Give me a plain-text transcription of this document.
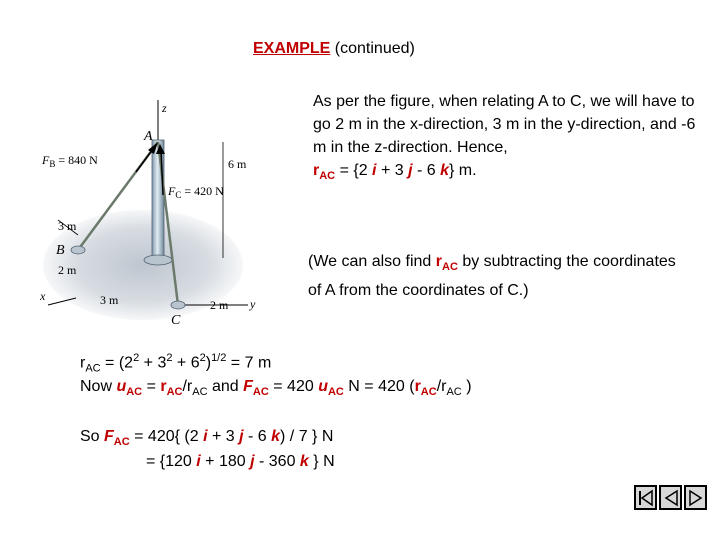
EXAMPLE (continued)
As per the figure, when relating A to C, we will have to go 2 m in the x-direction, 3 m in the y-direction, and -6 m in the z-direction. Hence,
$r_{AC} = \{2$ i + 3 j - 6 k} m.
(We can also find $r_{AC}$ by subtracting the coordinates of A from the coordinates of C.)
z
$F_B = 840$ N
A
6 m
$F_C = 420$ N
3 m
B
2 m
x	3 m	2 m y
C
$r_{AC} = (2^2 + 3^2 + 6^2)^{1/2} = 7$ m
Now $u_{AC} = r_{AC}/r_{AC}$ and $F_{AC} = 420$ $u_{AC}$ N = 420 ($r_{AC}/r_{AC}$ )
So $F_{AC} = 420${ (2 i + 3 j - 6 k) / 7 } N
= {120 i + 180 j - 360 k } N
